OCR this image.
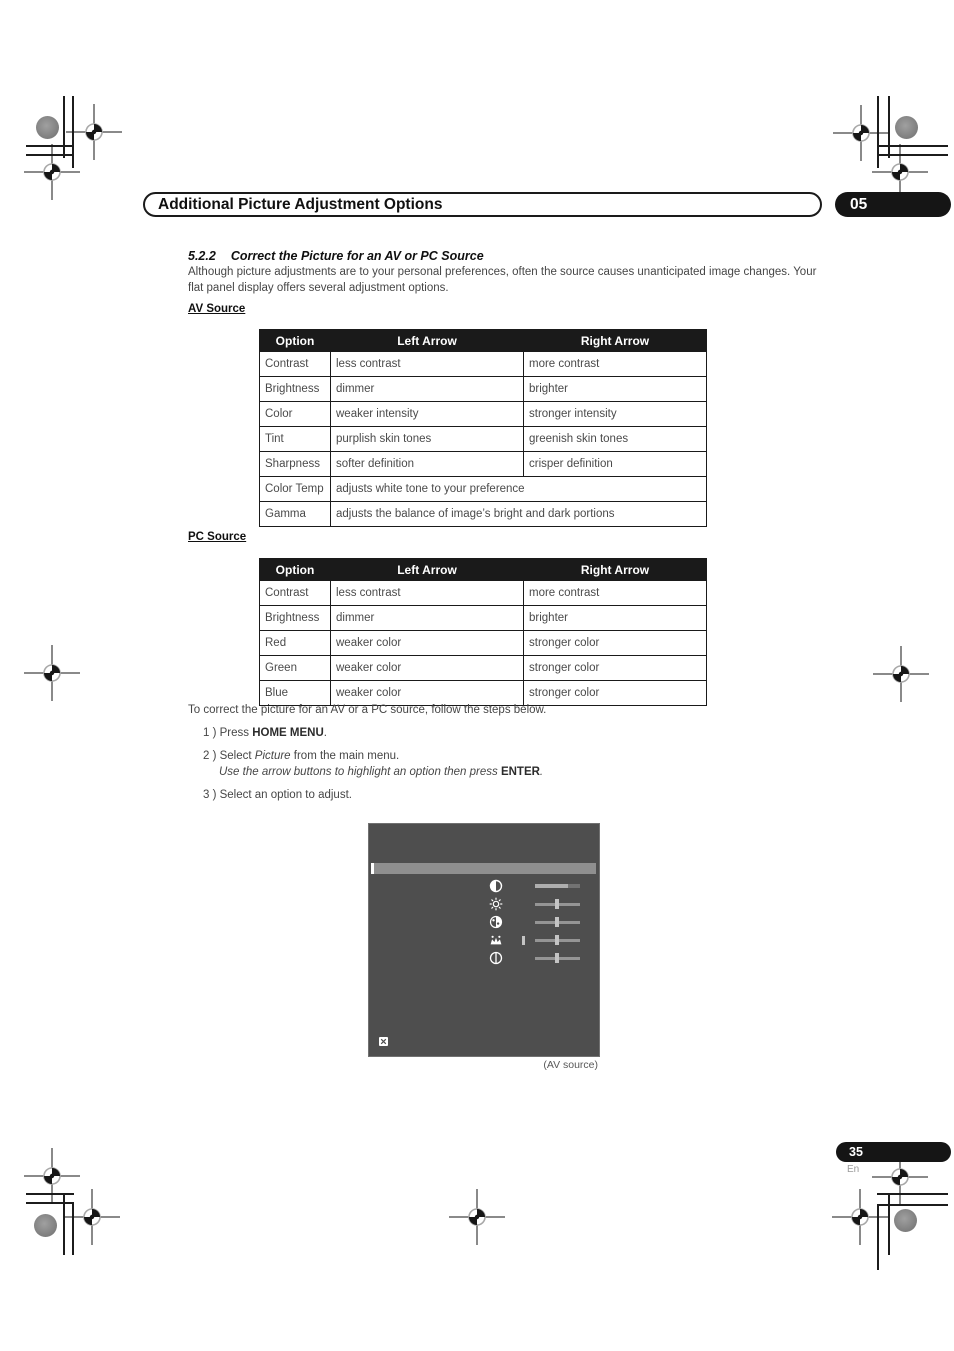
Additional Picture Adjustment Options	05
5.2.2 Correct the Picture for an AV or PC Source
Although picture adjustments are to your personal preferences, often the source causes unanticipated image changes. Your flat panel display offers several adjustment options.
AV Source
Option	Left Arrow	Right Arrow
Contrast	less contrast	more contrast
Brightness	dimmer	brighter
Color	weaker intensity	stronger intensity
Tint	purplish skin tones	greenish skin tones
Sharpness	softer definition	crisper definition
Color Temp	adjusts white tone to your preference	
Gamma	adjusts the balance of image’s bright and dark portions	
PC Source
Option	Left Arrow	Right Arrow
Contrast	less contrast	more contrast
Brightness	dimmer	brighter
Red	weaker color	stronger color
Green	weaker color	stronger color
Blue	weaker color	stronger color
To correct the picture for an AV or a PC source, follow the steps below.
1 ) Press HOME MENU.
2 ) Select Picture from the main menu.
Use the arrow buttons to highlight an option then press ENTER.
3 ) Select an option to adjust.
(AV source)
35
En
